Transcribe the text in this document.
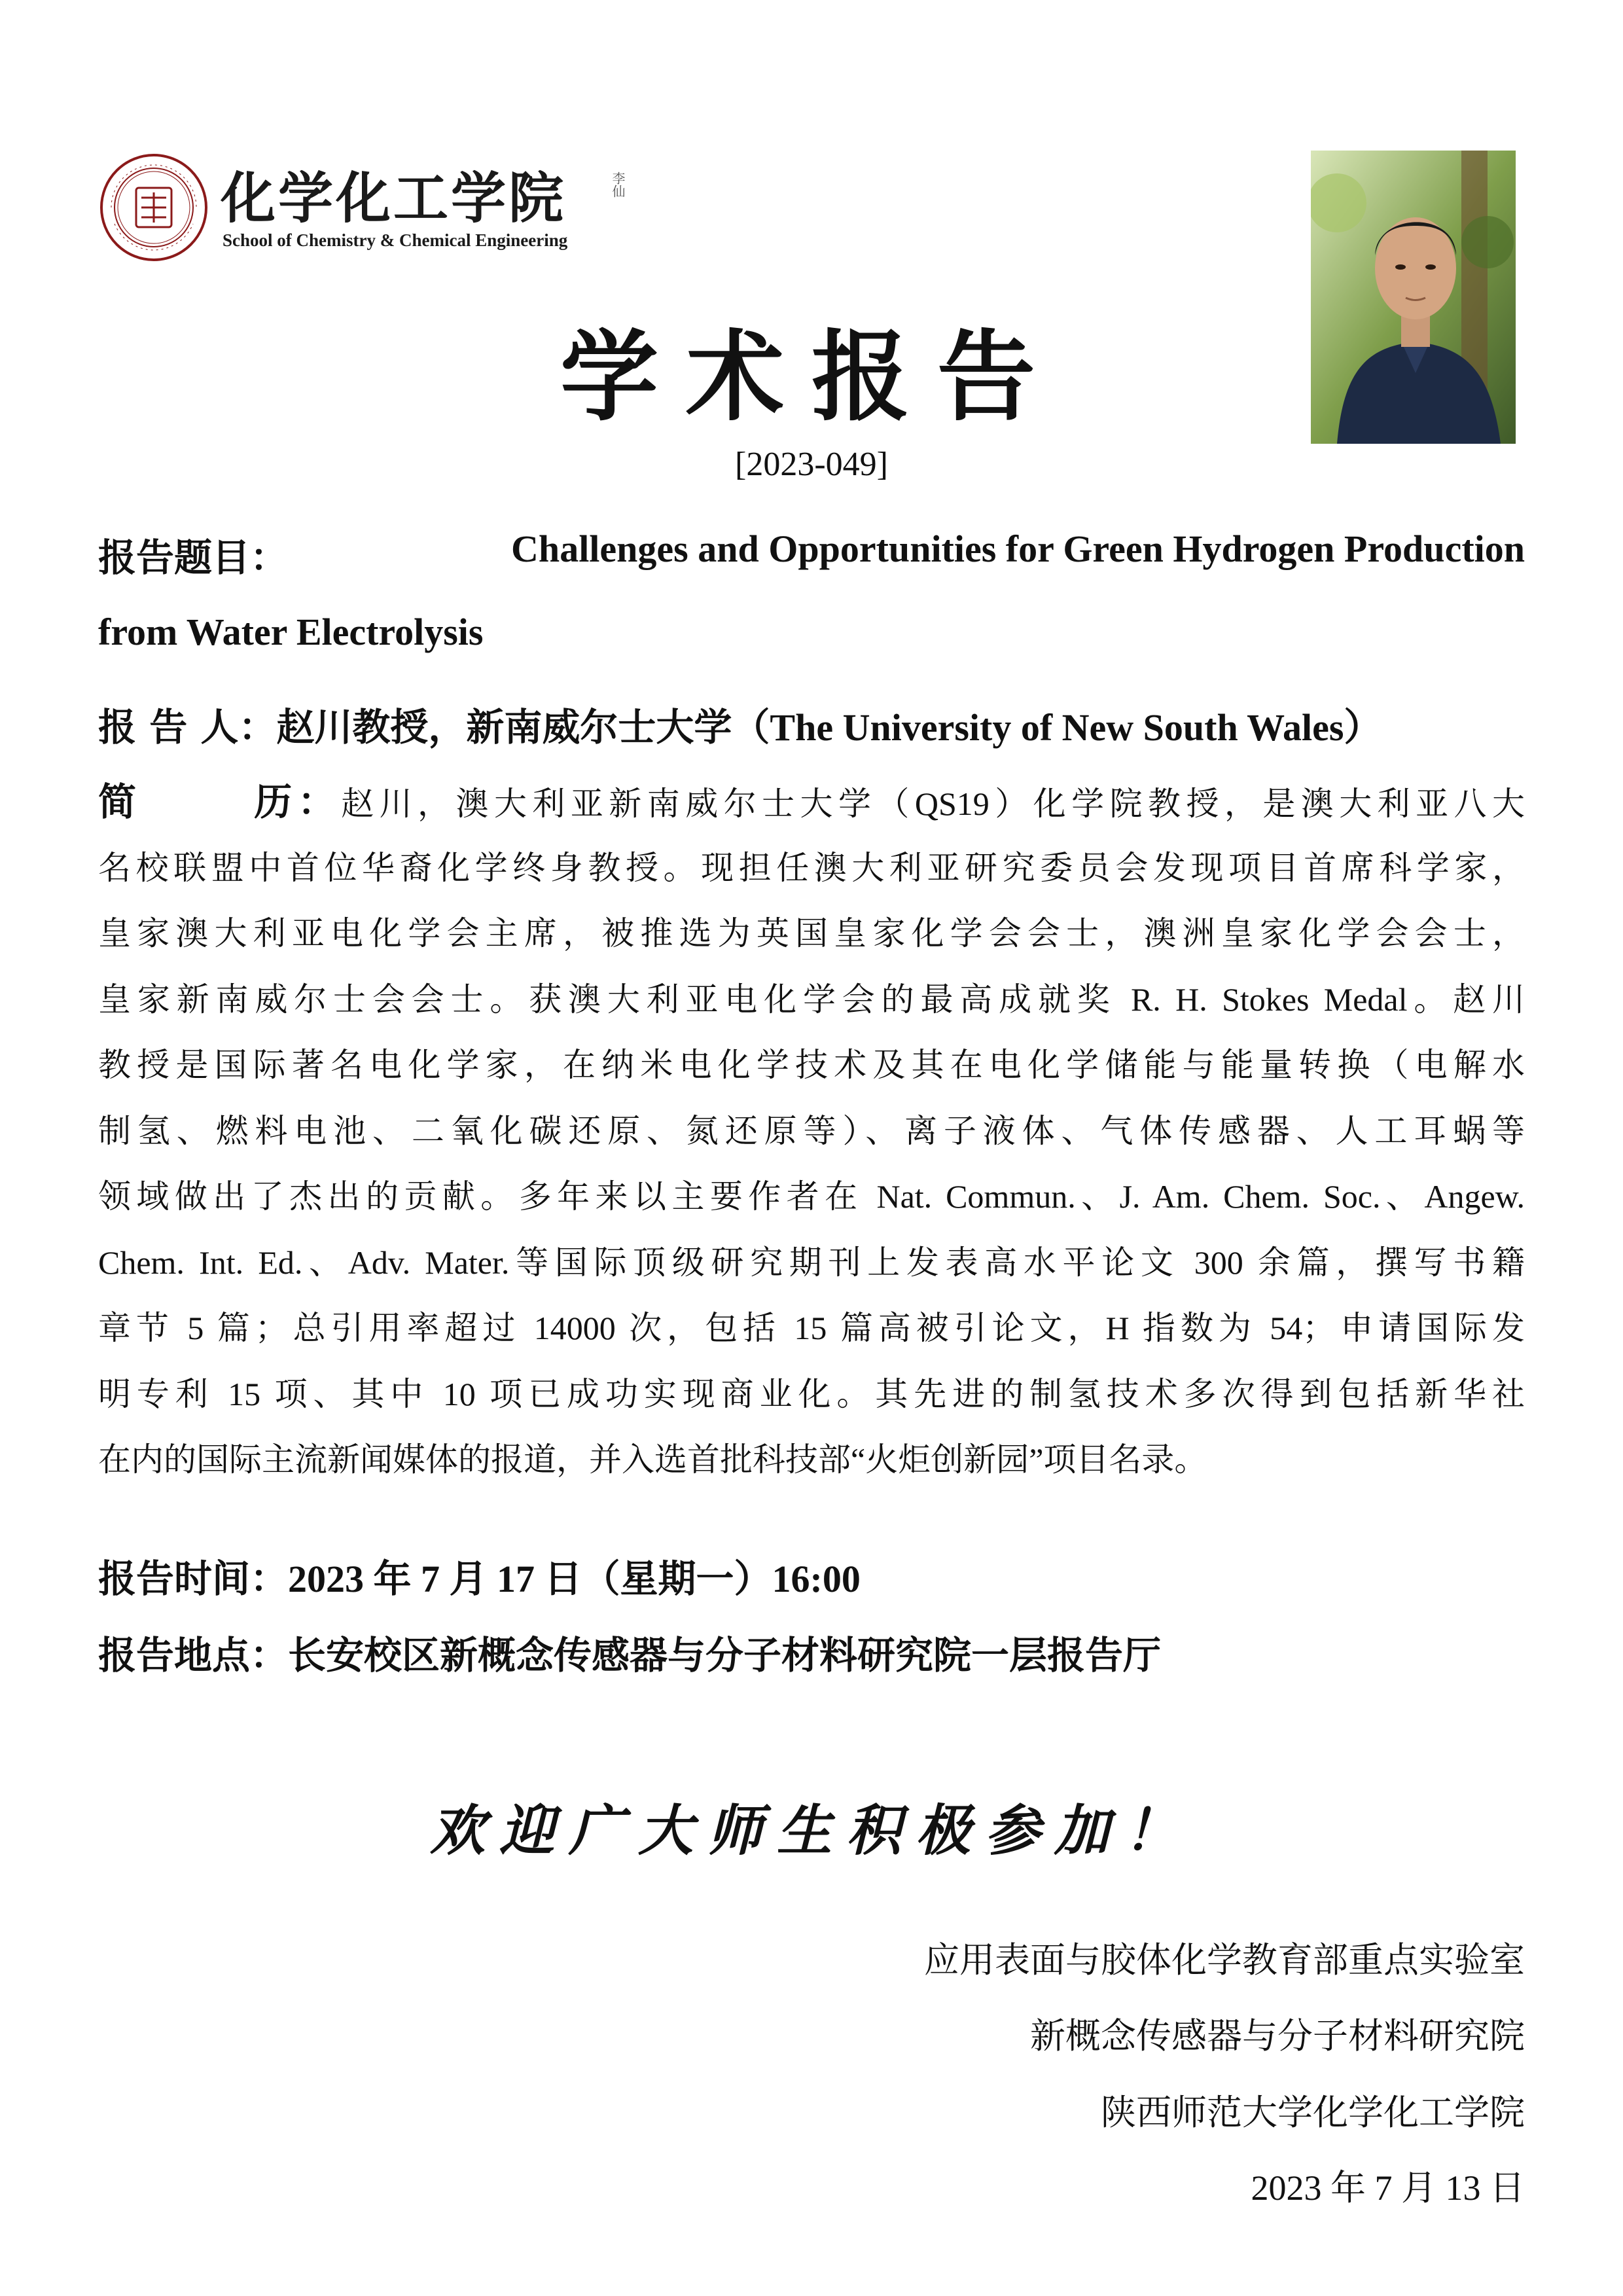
化学化工学院	李仙
School of Chemistry & Chemical Engineering
学术报告
[2023-049]
报告题目：	Challenges and Opportunities for Green Hydrogen Production
from Water Electrolysis
报 告 人：赵川教授，新南威尔士大学（The University of New South Wales）
简      历：赵川，澳大利亚新南威尔士大学（QS19）化学院教授，是澳大利亚八大
名校联盟中首位华裔化学终身教授。现担任澳大利亚研究委员会发现项目首席科学家，
皇家澳大利亚电化学会主席，被推选为英国皇家化学会会士，澳洲皇家化学会会士，
皇家新南威尔士会会士。获澳大利亚电化学会的最高成就奖 R. H. Stokes Medal。赵川
教授是国际著名电化学家，在纳米电化学技术及其在电化学储能与能量转换（电解水
制氢、燃料电池、二氧化碳还原、氮还原等）、离子液体、气体传感器、人工耳蜗等
领域做出了杰出的贡献。多年来以主要作者在 Nat. Commun.、J. Am. Chem. Soc.、Angew.
Chem. Int. Ed.、Adv. Mater.等国际顶级研究期刊上发表高水平论文 300 余篇，撰写书籍
章节 5 篇；总引用率超过 14000 次，包括 15 篇高被引论文，H 指数为 54；申请国际发
明专利 15 项、其中 10 项已成功实现商业化。其先进的制氢技术多次得到包括新华社
在内的国际主流新闻媒体的报道，并入选首批科技部“火炬创新园”项目名录。
报告时间：2023 年 7 月 17 日（星期一）16:00
报告地点：长安校区新概念传感器与分子材料研究院一层报告厅
欢迎广大师生积极参加！
应用表面与胶体化学教育部重点实验室
新概念传感器与分子材料研究院
陕西师范大学化学化工学院
2023 年 7 月 13 日
